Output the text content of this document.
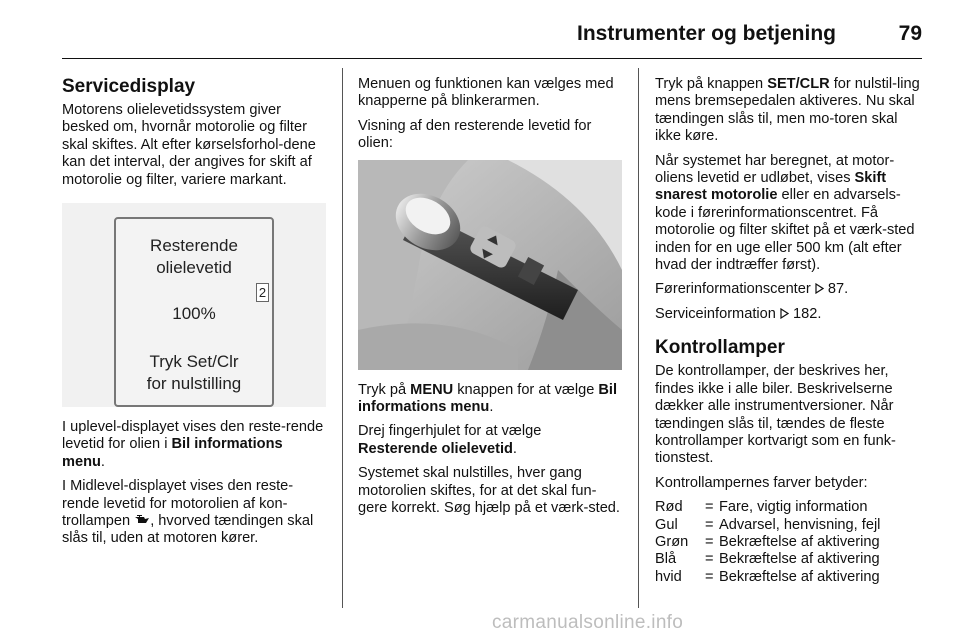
Instrumenter og betjening	79
Servicedisplay

Motorens olielevetidssystem giver besked om, hvornår motorolie og filter skal skiftes. Alt efter kørselsforhol-dene kan det interval, der angives for skift af motorolie og filter, variere markant.

Resterende
olielevetid
2
100%
Tryk Set/Clr
for nulstilling

I uplevel-displayet vises den reste-rende levetid for olien i Bil informations menu.

I Midlevel-displayet vises den reste-rende levetid for motorolien af kon-trollampen , hvorved tændingen skal slås til, uden at motoren kører.

Menuen og funktionen kan vælges med knapperne på blinkerarmen.

Visning af den resterende levetid for olien:

Tryk på MENU knappen for at vælge Bil informations menu.

Drej fingerhjulet for at vælge Resterende olielevetid.

Systemet skal nulstilles, hver gang motorolien skiftes, for at det skal fun-gere korrekt. Søg hjælp på et værk-sted.

Tryk på knappen SET/CLR for nulstil-ling mens bremsepedalen aktiveres. Nu skal tændingen slås til, men mo-toren skal ikke køre.

Når systemet har beregnet, at motor-oliens levetid er udløbet, vises Skift snarest motorolie eller en advarsels-kode i førerinformationscentret. Få motorolie og filter skiftet på et værk-sted inden for en uge eller 500 km (alt efter hvad der indtræffer først).

Førerinformationscenter  87.

Serviceinformation  182.

Kontrollamper

De kontrollamper, der beskrives her, findes ikke i alle biler. Beskrivelserne dækker alle instrumentversioner. Når tændingen slås til, tændes de fleste kontrollamper kortvarigt som en funk-tionstest.

Kontrollampernes farver betyder:

Rød	= Fare, vigtig information
Gul	= Advarsel, henvisning, fejl
Grøn	= Bekræftelse af aktivering
Blå	= Bekræftelse af aktivering
hvid	= Bekræftelse af aktivering
carmanualsonline.info
